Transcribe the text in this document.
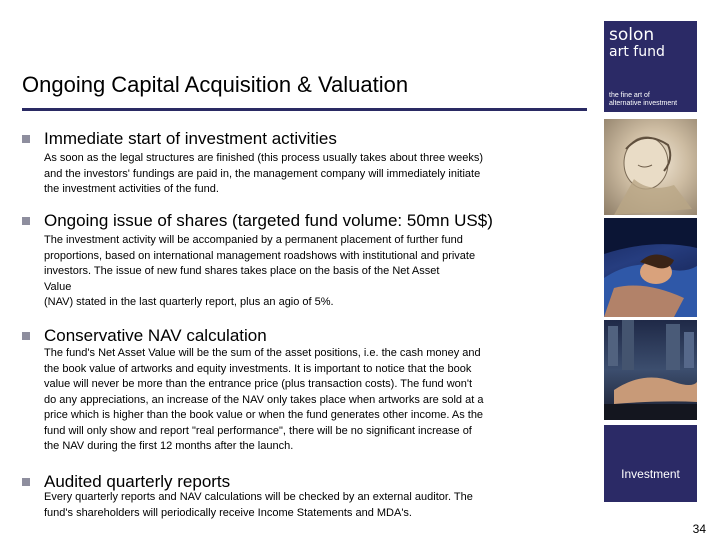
Ongoing Capital Acquisition & Valuation
solon
art fund
the fine art of
alternative investment
Immediate start of investment activities
As soon as the legal structures are finished (this process usually takes about three weeks)
and the investors' fundings are paid in, the management company will immediately initiate
the investment activities of the fund.
Ongoing issue of shares (targeted fund volume: 50mn US$)
The investment activity will be accompanied by a permanent placement of further fund
proportions, based on international management roadshows with institutional and private
investors. The issue of new fund shares takes place on the basis of the Net Asset
Value
(NAV) stated in the last quarterly report, plus an agio of 5%.
Conservative NAV calculation
The fund's Net Asset Value will be the sum of the asset positions, i.e. the cash money and
the book value of artworks and equity investments. It is important to notice that the book
value will never be more than the entrance price (plus transaction costs). The fund won't
do any appreciations, an increase of the NAV only takes place when artworks are sold at a
price which is higher than the book value or when the fund generates other income. As the
fund will only show and report "real performance", there will be no significant increase of
the NAV during the first 12 months after the launch.
Audited quarterly reports
Every quarterly reports and NAV calculations will be checked by an external auditor. The
fund's shareholders will periodically receive Income Statements and MDA's.
Investment
34
